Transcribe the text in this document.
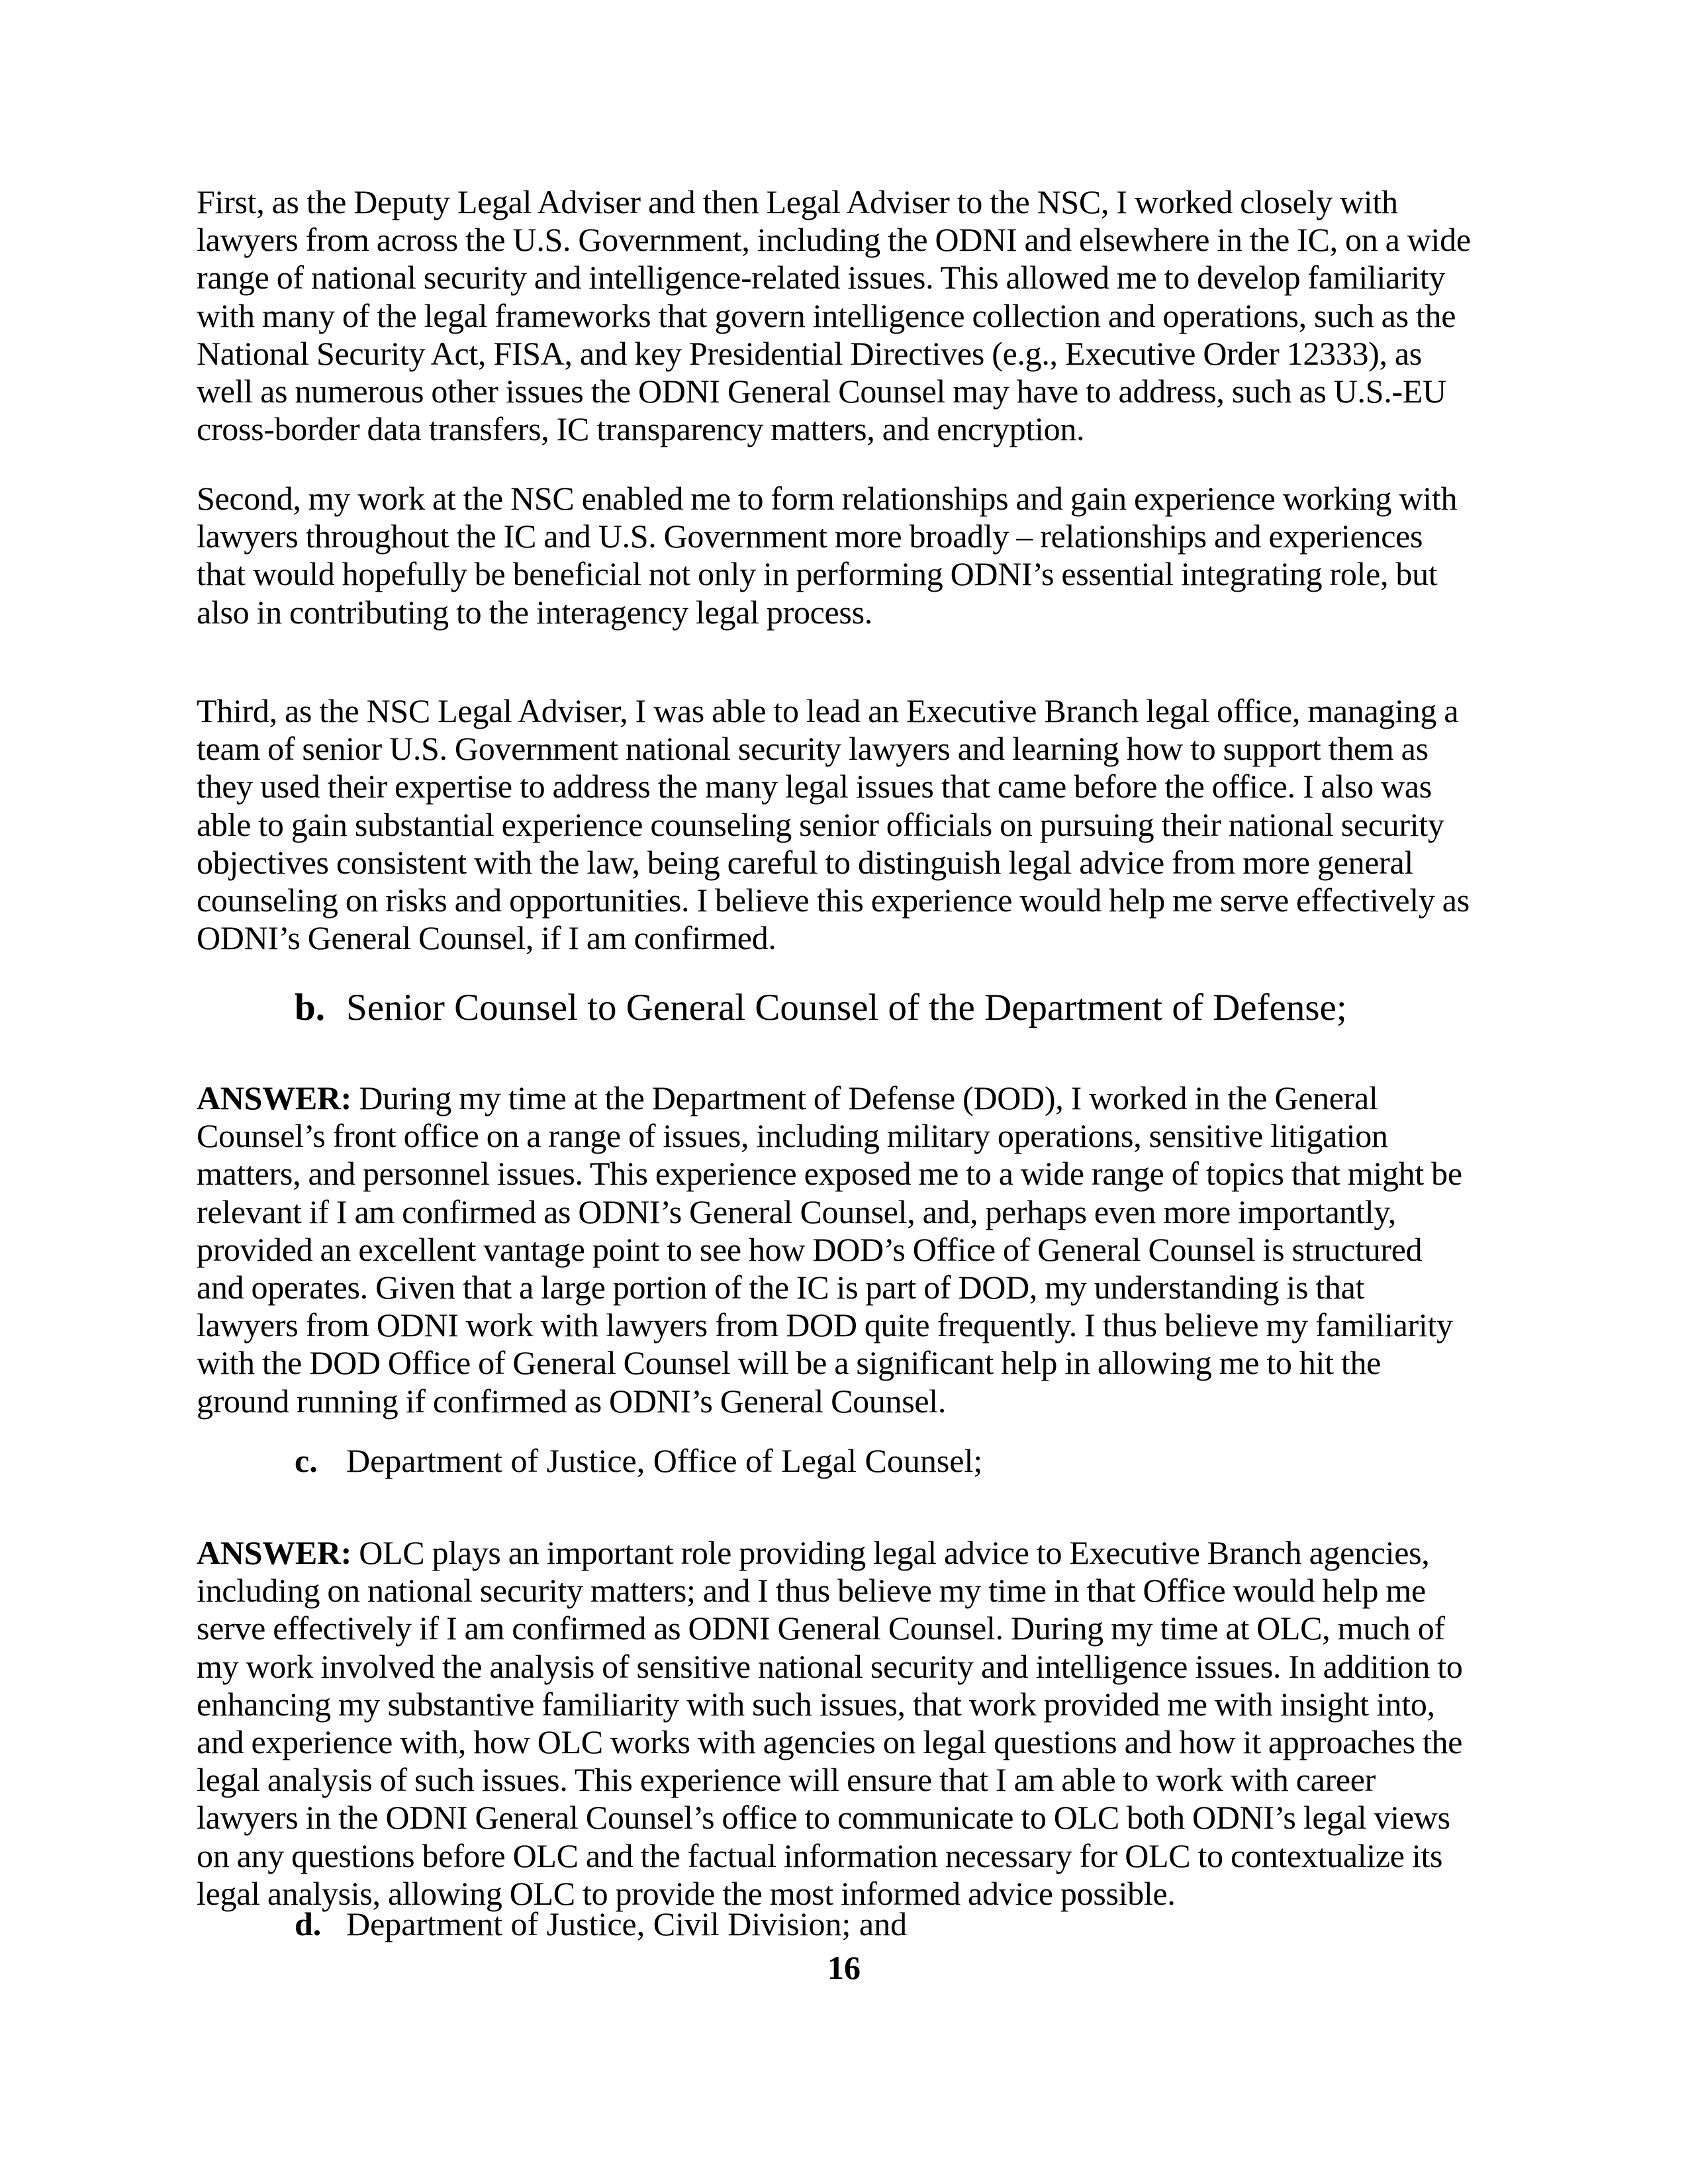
First, as the Deputy Legal Adviser and then Legal Adviser to the NSC, I worked closely with
lawyers from across the U.S. Government, including the ODNI and elsewhere in the IC, on a wide
range of national security and intelligence-related issues. This allowed me to develop familiarity
with many of the legal frameworks that govern intelligence collection and operations, such as the
National Security Act, FISA, and key Presidential Directives (e.g., Executive Order 12333), as
well as numerous other issues the ODNI General Counsel may have to address, such as U.S.-EU
cross-border data transfers, IC transparency matters, and encryption.
Second, my work at the NSC enabled me to form relationships and gain experience working with
lawyers throughout the IC and U.S. Government more broadly – relationships and experiences
that would hopefully be beneficial not only in performing ODNI’s essential integrating role, but
also in contributing to the interagency legal process.
Third, as the NSC Legal Adviser, I was able to lead an Executive Branch legal office, managing a
team of senior U.S. Government national security lawyers and learning how to support them as
they used their expertise to address the many legal issues that came before the office. I also was
able to gain substantial experience counseling senior officials on pursuing their national security
objectives consistent with the law, being careful to distinguish legal advice from more general
counseling on risks and opportunities. I believe this experience would help me serve effectively as
ODNI’s General Counsel, if I am confirmed.
b. Senior Counsel to General Counsel of the Department of Defense;
ANSWER: During my time at the Department of Defense (DOD), I worked in the General
Counsel’s front office on a range of issues, including military operations, sensitive litigation
matters, and personnel issues. This experience exposed me to a wide range of topics that might be
relevant if I am confirmed as ODNI’s General Counsel, and, perhaps even more importantly,
provided an excellent vantage point to see how DOD’s Office of General Counsel is structured
and operates. Given that a large portion of the IC is part of DOD, my understanding is that
lawyers from ODNI work with lawyers from DOD quite frequently. I thus believe my familiarity
with the DOD Office of General Counsel will be a significant help in allowing me to hit the
ground running if confirmed as ODNI’s General Counsel.
c. Department of Justice, Office of Legal Counsel;
ANSWER: OLC plays an important role providing legal advice to Executive Branch agencies,
including on national security matters; and I thus believe my time in that Office would help me
serve effectively if I am confirmed as ODNI General Counsel. During my time at OLC, much of
my work involved the analysis of sensitive national security and intelligence issues. In addition to
enhancing my substantive familiarity with such issues, that work provided me with insight into,
and experience with, how OLC works with agencies on legal questions and how it approaches the
legal analysis of such issues. This experience will ensure that I am able to work with career
lawyers in the ODNI General Counsel’s office to communicate to OLC both ODNI’s legal views
on any questions before OLC and the factual information necessary for OLC to contextualize its
legal analysis, allowing OLC to provide the most informed advice possible.
d. Department of Justice, Civil Division; and
16
